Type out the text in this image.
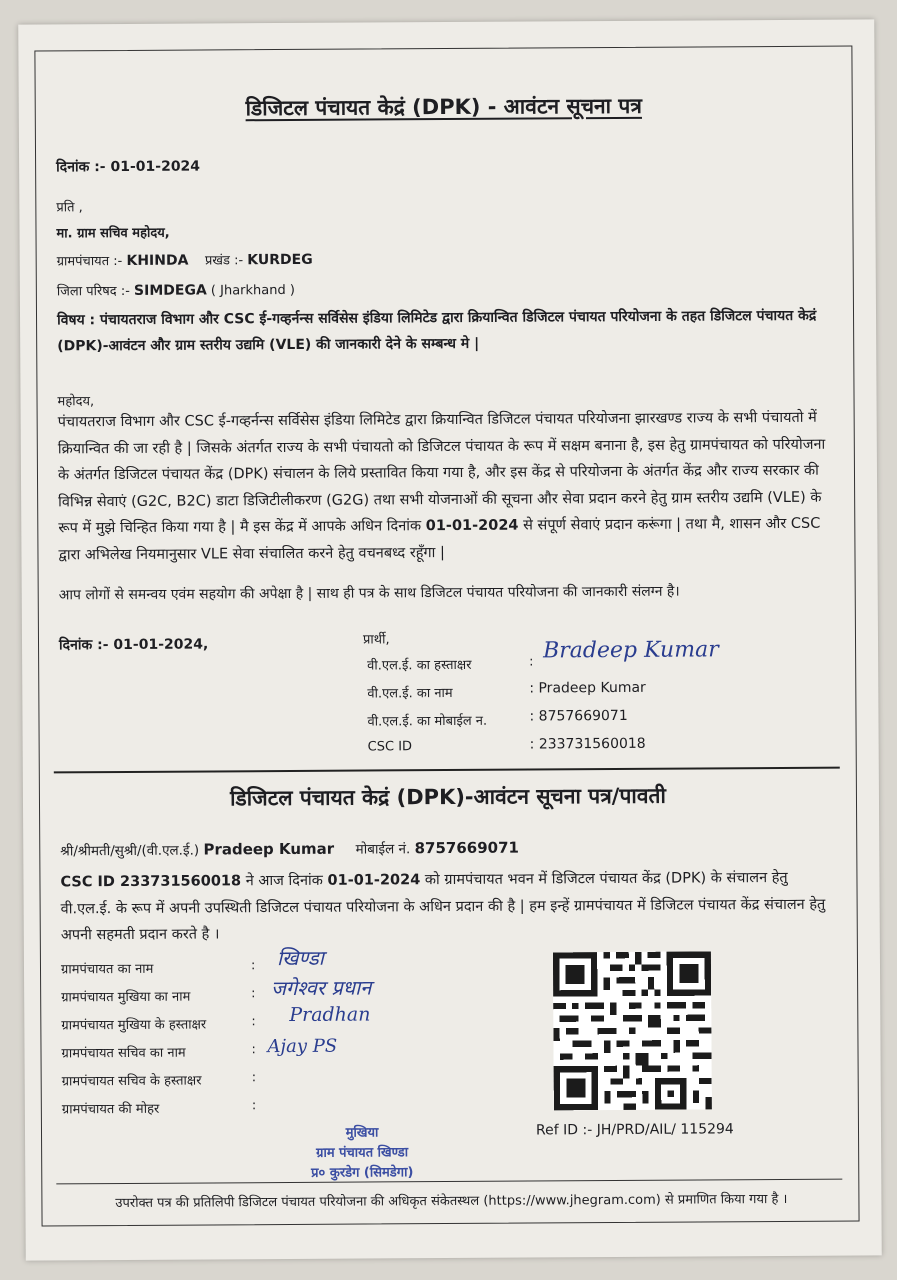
डिजिटल पंचायत केद्रं (DPK) - आवंटन सूचना पत्र
दिनांक :- 01-01-2024
प्रति ,
मा. ग्राम सचिव महोदय,
ग्रामपंचायत :- KHINDA प्रखंड :- KURDEG
जिला परिषद :- SIMDEGA ( Jharkhand )
विषय : पंचायतराज विभाग और CSC ई-गव्हर्नन्स सर्विसेस इंडिया लिमिटेड द्वारा क्रियान्वित डिजिटल पंचायत परियोजना के तहत डिजिटल पंचायत केद्रं (DPK)-आवंटन और ग्राम स्तरीय उद्यमि (VLE) की जानकारी देने के सम्बन्ध मे |
महोदय,
पंचायतराज विभाग और CSC ई-गव्हर्नन्स सर्विसेस इंडिया लिमिटेड द्वारा क्रियान्वित डिजिटल पंचायत परियोजना झारखण्ड राज्य के सभी पंचायतो में क्रियान्वित की जा रही है | जिसके अंतर्गत राज्य के सभी पंचायतो को डिजिटल पंचायत के रूप में सक्षम बनाना है, इस हेतु ग्रामपंचायत को परियोजना के अंतर्गत डिजिटल पंचायत केंद्र (DPK) संचालन के लिये प्रस्तावित किया गया है, और इस केंद्र से परियोजना के अंतर्गत केंद्र और राज्य सरकार की विभिन्न सेवाएं (G2C, B2C) डाटा डिजिटीलीकरण (G2G) तथा सभी योजनाओं की सूचना और सेवा प्रदान करने हेतु ग्राम स्तरीय उद्यमि (VLE) के रूप में मुझे चिन्हित किया गया है | मै इस केंद्र में आपके अधिन दिनांक 01-01-2024 से संपूर्ण सेवाएं प्रदान करूंगा | तथा मै, शासन और CSC द्वारा अभिलेख नियमानुसार VLE सेवा संचालित करने हेतु वचनबध्द रहूँगा |
आप लोगों से समन्वय एवंम सहयोग की अपेक्षा है | साथ ही पत्र के साथ डिजिटल पंचायत परियोजना की जानकारी संलग्न है।
दिनांक :- 01-01-2024,	प्रार्थी,
वी.एल.ई. का हस्ताक्षर	: Bradeep Kumar
वी.एल.ई. का नाम	: Pradeep Kumar
वी.एल.ई. का मोबाईल न.	: 8757669071
CSC ID	: 233731560018
डिजिटल पंचायत केद्रं (DPK)-आवंटन सूचना पत्र/पावती
श्री/श्रीमती/सुश्री/(वी.एल.ई.) Pradeep Kumar मोबाईल नं. 8757669071
CSC ID 233731560018 ने आज दिनांक 01-01-2024 को ग्रामपंचायत भवन में डिजिटल पंचायत केंद्र (DPK) के संचालन हेतु वी.एल.ई. के रूप में अपनी उपस्थिती डिजिटल पंचायत परियोजना के अधिन प्रदान की है | हम इन्हें ग्रामपंचायत में डिजिटल पंचायत केंद्र संचालन हेतु अपनी सहमती प्रदान करते है ।
ग्रामपंचायत का नाम	: खिण्डा
ग्रामपंचायत मुखिया का नाम	: जगेश्वर प्रधान
ग्रामपंचायत मुखिया के हस्ताक्षर	: Pradhan
ग्रामपंचायत सचिव का नाम	: Ajay PS
ग्रामपंचायत सचिव के हस्ताक्षर	:
ग्रामपंचायत की मोहर	:
मुखिया
ग्राम पंचायत खिण्डा
प्र० कुरडेग (सिमडेगा)
Ref ID :- JH/PRD/AIL/ 115294
उपरोक्त पत्र की प्रतिलिपी डिजिटल पंचायत परियोजना की अधिकृत संकेतस्थल (https://www.jhegram.com) से प्रमाणित किया गया है ।
